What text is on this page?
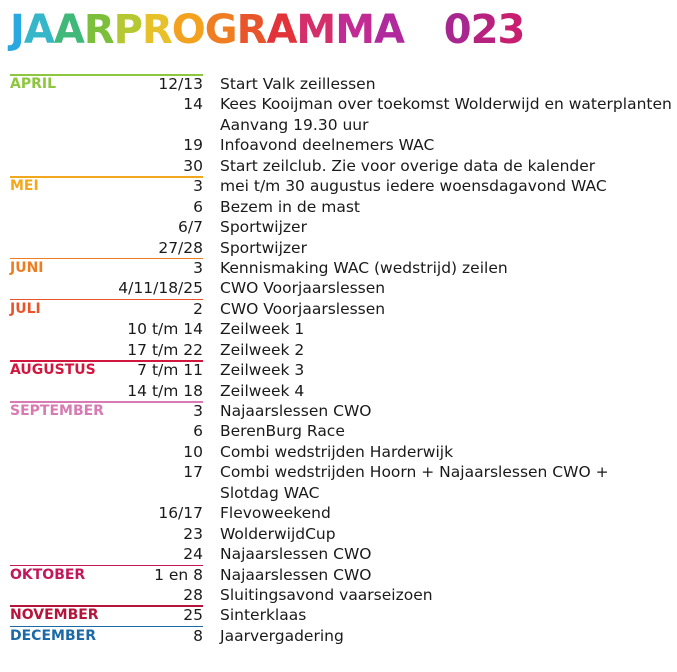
JAARPROGRAMMA 2023
APRIL	12/13 Start Valk zeillessen
14 Kees Kooijman over toekomst Wolderwijd en waterplanten
Aanvang 19.30 uur
19 Infoavond deelnemers WAC
30 Start zeilclub. Zie voor overige data de kalender
MEI	3 mei t/m 30 augustus iedere woensdagavond WAC
6 Bezem in de mast
6/7 Sportwijzer
27/28 Sportwijzer
JUNI	3 Kennismaking WAC (wedstrijd) zeilen
4/11/18/25 CWO Voorjaarslessen
JULI	2 CWO Voorjaarslessen
10 t/m 14 Zeilweek 1
17 t/m 22 Zeilweek 2
AUGUSTUS	7 t/m 11 Zeilweek 3
14 t/m 18 Zeilweek 4
SEPTEMBER	3 Najaarslessen CWO
6 BerenBurg Race
10 Combi wedstrijden Harderwijk
17 Combi wedstrijden Hoorn + Najaarslessen CWO +
Slotdag WAC
16/17 Flevoweekend
23 WolderwijdCup
24 Najaarslessen CWO
OKTOBER	1 en 8 Najaarslessen CWO
28 Sluitingsavond vaarseizoen
NOVEMBER	25 Sinterklaas
DECEMBER	8 Jaarvergadering
